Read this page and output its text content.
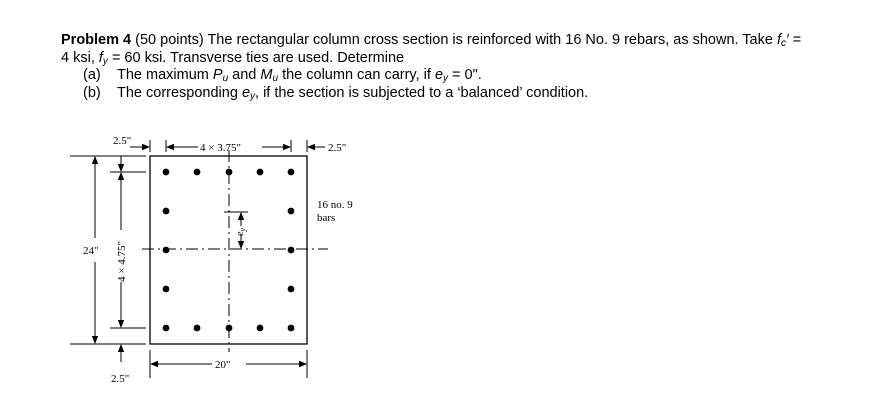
Problem 4 (50 points) The rectangular column cross section is reinforced with 16 No. 9 rebars, as shown. Take $f_c'$ =

4 ksi, $f_y = 60$ ksi. Transverse ties are used. Determine

(a) The maximum $P_u$ and $M_u$ the column can carry, if $e_y = 0$".

(b) The corresponding $e_y$, if the section is subjected to a ‘balanced’ condition.

2.5"
4 × 3.75"	2.5"
16 no. 9
bars
24" 4 × 4.75"
2.5"
$e_y$
20"
